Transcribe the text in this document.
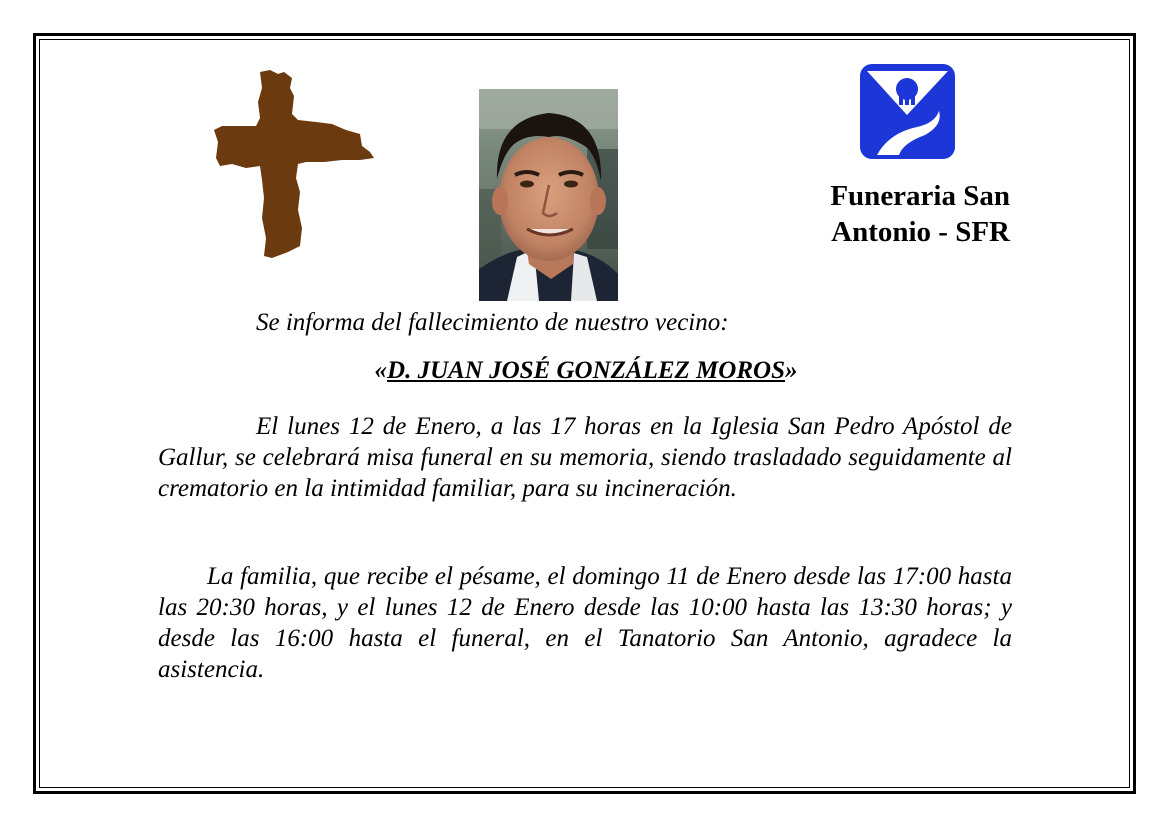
Funeraria San
Antonio - SFR
Se informa del fallecimiento de nuestro vecino:
«D. JUAN JOSÉ GONZÁLEZ MOROS»

El lunes 12 de Enero, a las 17 horas en la Iglesia San Pedro Apóstol de Gallur, se celebrará misa funeral en su memoria, siendo trasladado seguidamente al crematorio en la intimidad familiar, para su incineración.

La familia, que recibe el pésame, el domingo 11 de Enero desde las 17:00 hasta las 20:30 horas, y el lunes 12 de Enero desde las 10:00 hasta las 13:30 horas; y desde las 16:00 hasta el funeral, en el Tanatorio San Antonio, agradece la asistencia.
